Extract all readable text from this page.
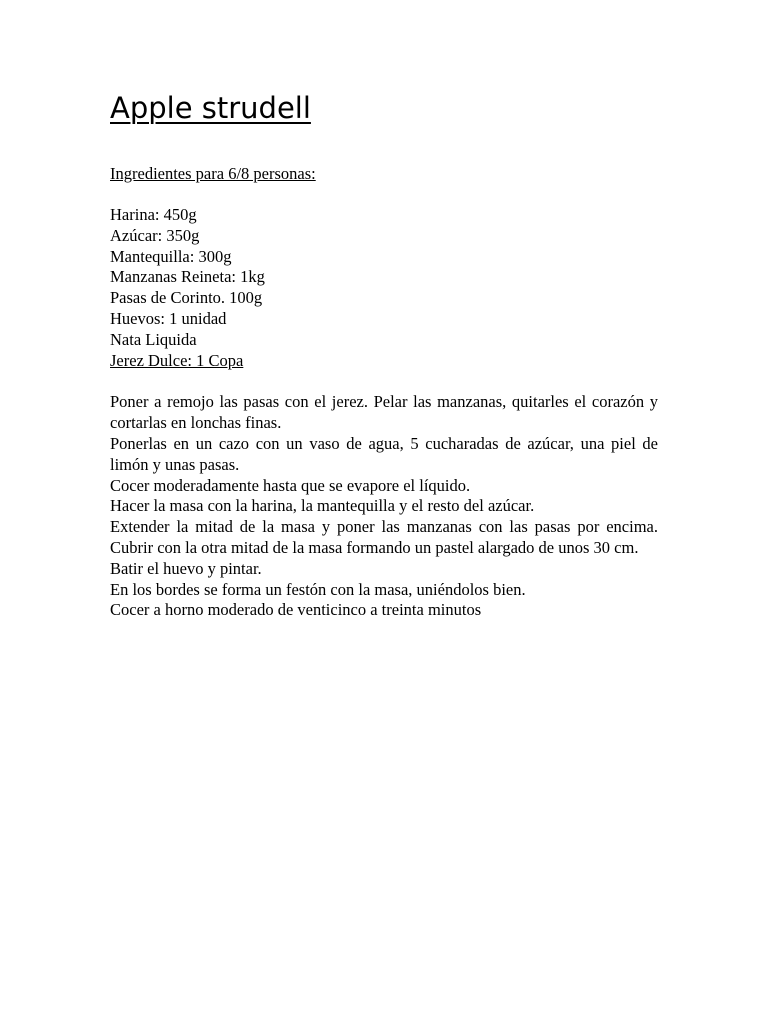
Apple strudell
Ingredientes para 6/8 personas:
Harina: 450g
Azúcar: 350g
Mantequilla: 300g
Manzanas Reineta: 1kg
Pasas de Corinto. 100g
Huevos: 1 unidad
Nata Liquida
Jerez Dulce: 1 Copa

Poner a remojo las pasas con el jerez. Pelar las manzanas, quitarles el corazón y cortarlas en lonchas finas.

Ponerlas en un cazo con un vaso de agua, 5 cucharadas de azúcar, una piel de limón y unas pasas.

Cocer moderadamente hasta que se evapore el líquido.

Hacer la masa con la harina, la mantequilla y el resto del azúcar.

Extender la mitad de la masa y poner las manzanas con las pasas por encima. Cubrir con la otra mitad de la masa formando un pastel alargado de unos 30 cm.

Batir el huevo y pintar.

En los bordes se forma un festón con la masa, uniéndolos bien.

Cocer a horno moderado de venticinco a treinta minutos
